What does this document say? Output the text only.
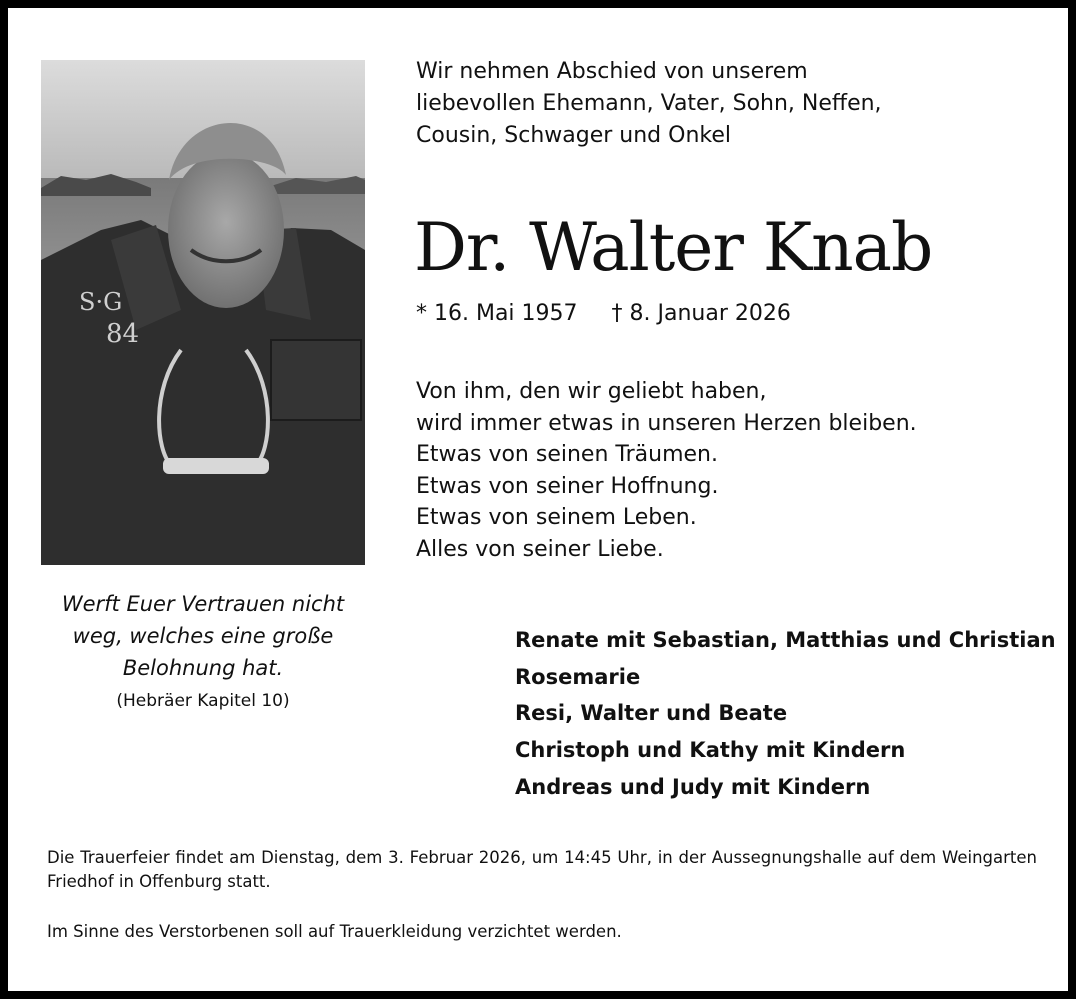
S·G
84
Werft Euer Vertrauen nicht
weg, welches eine große
Belohnung hat.
(Hebräer Kapitel 10)
Wir nehmen Abschied von unserem
liebevollen Ehemann, Vater, Sohn, Neffen,
Cousin, Schwager und Onkel
Dr. Walter Knab
* 16. Mai 1957 † 8. Januar 2026
Von ihm, den wir geliebt haben,
wird immer etwas in unseren Herzen bleiben.
Etwas von seinen Träumen.
Etwas von seiner Hoffnung.
Etwas von seinem Leben.
Alles von seiner Liebe.
Renate mit Sebastian, Matthias und Christian
Rosemarie
Resi, Walter und Beate
Christoph und Kathy mit Kindern
Andreas und Judy mit Kindern
Die Trauerfeier findet am Dienstag, dem 3. Februar 2026, um 14:45 Uhr, in der Aussegnungshalle auf dem Weingarten Friedhof in Offenburg statt.
Im Sinne des Verstorbenen soll auf Trauerkleidung verzichtet werden.
